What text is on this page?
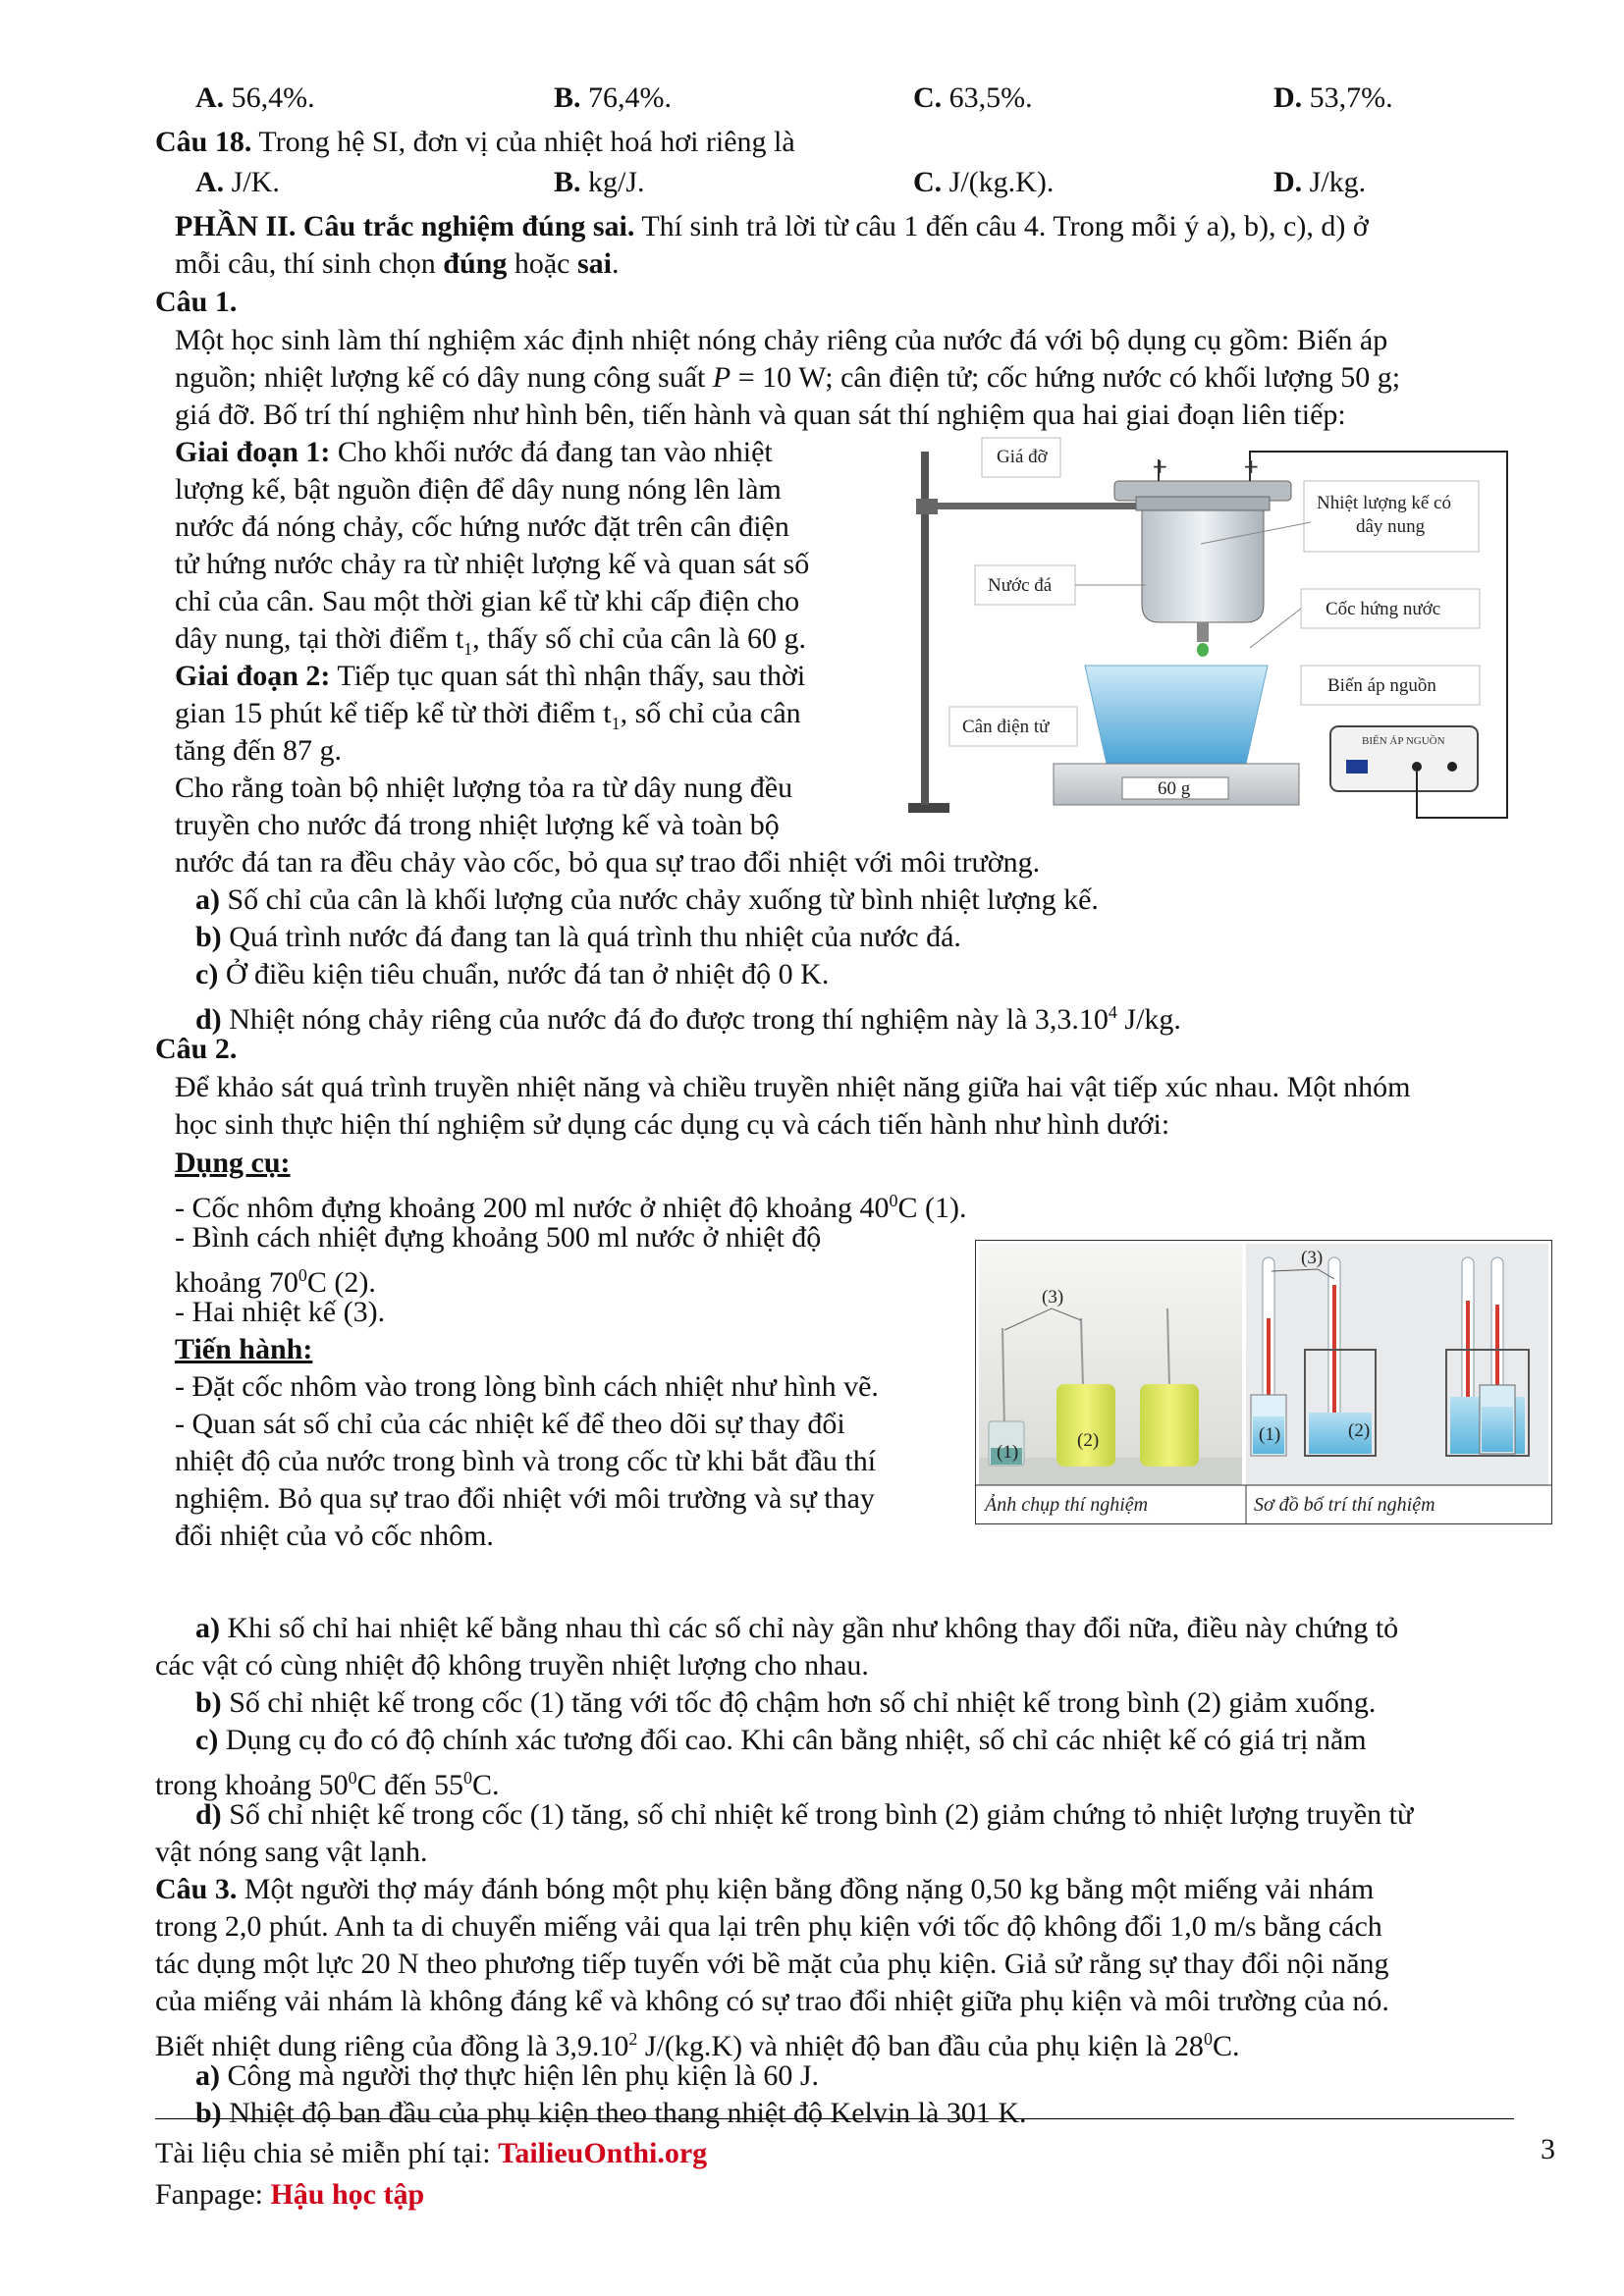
A. 56,4%.	B. 76,4%.	C. 63,5%.	D. 53,7%.
Câu 18. Trong hệ SI, đơn vị của nhiệt hoá hơi riêng là
A. J/K.	B. kg/J.	C. J/(kg.K).	D. J/kg.
PHẦN II. Câu trắc nghiệm đúng sai. Thí sinh trả lời từ câu 1 đến câu 4. Trong mỗi ý a), b), c), d) ở
mỗi câu, thí sinh chọn đúng hoặc sai.
Câu 1.
Một học sinh làm thí nghiệm xác định nhiệt nóng chảy riêng của nước đá với bộ dụng cụ gồm: Biến áp
nguồn; nhiệt lượng kế có dây nung công suất P = 10 W; cân điện tử; cốc hứng nước có khối lượng 50 g;
giá đỡ. Bố trí thí nghiệm như hình bên, tiến hành và quan sát thí nghiệm qua hai giai đoạn liên tiếp:
Giai đoạn 1: Cho khối nước đá đang tan vào nhiệt
lượng kế, bật nguồn điện để dây nung nóng lên làm
nước đá nóng chảy, cốc hứng nước đặt trên cân điện
tử hứng nước chảy ra từ nhiệt lượng kế và quan sát số
chỉ của cân. Sau một thời gian kể từ khi cấp điện cho
dây nung, tại thời điểm $t_1$, thấy số chỉ của cân là 60 g.
Giai đoạn 2: Tiếp tục quan sát thì nhận thấy, sau thời
gian 15 phút kể tiếp kể từ thời điểm $t_1$, số chỉ của cân
tăng đến 87 g.
Cho rằng toàn bộ nhiệt lượng tỏa ra từ dây nung đều
truyền cho nước đá trong nhiệt lượng kế và toàn bộ
nước đá tan ra đều chảy vào cốc, bỏ qua sự trao đổi nhiệt với môi trường.
a) Số chỉ của cân là khối lượng của nước chảy xuống từ bình nhiệt lượng kế.
b) Quá trình nước đá đang tan là quá trình thu nhiệt của nước đá.
c) Ở điều kiện tiêu chuẩn, nước đá tan ở nhiệt độ 0 K.
d) Nhiệt nóng chảy riêng của nước đá đo được trong thí nghiệm này là 3,3.10$^4$ J/kg.
Giá đỡ
Nhiệt lượng kế có
dây nung
Nước đá
Cốc hứng nước
Biến áp nguồn
Cân điện tử
+	+
60 g
BIẾN ÁP NGUỒN
Câu 2.
Để khảo sát quá trình truyền nhiệt năng và chiều truyền nhiệt năng giữa hai vật tiếp xúc nhau. Một nhóm
học sinh thực hiện thí nghiệm sử dụng các dụng cụ và cách tiến hành như hình dưới:
Dụng cụ:
- Cốc nhôm đựng khoảng 200 ml nước ở nhiệt độ khoảng $40^0C$ (1).
- Bình cách nhiệt đựng khoảng 500 ml nước ở nhiệt độ
khoảng $70^0C$ (2).
- Hai nhiệt kế (3).
Tiến hành:
- Đặt cốc nhôm vào trong lòng bình cách nhiệt như hình vẽ.
- Quan sát số chỉ của các nhiệt kế để theo dõi sự thay đổi
nhiệt độ của nước trong bình và trong cốc từ khi bắt đầu thí
nghiệm. Bỏ qua sự trao đổi nhiệt với môi trường và sự thay
đổi nhiệt của vỏ cốc nhôm.
(3)
(1)
(2)	(1)
(3)
(2)
Ảnh chụp thí nghiệm	Sơ đồ bố trí thí nghiệm
a) Khi số chỉ hai nhiệt kế bằng nhau thì các số chỉ này gần như không thay đổi nữa, điều này chứng tỏ
các vật có cùng nhiệt độ không truyền nhiệt lượng cho nhau.
b) Số chỉ nhiệt kế trong cốc (1) tăng với tốc độ chậm hơn số chỉ nhiệt kế trong bình (2) giảm xuống.
c) Dụng cụ đo có độ chính xác tương đối cao. Khi cân bằng nhiệt, số chỉ các nhiệt kế có giá trị nằm
trong khoảng $50^0C$ đến $55^0C$.
d) Số chỉ nhiệt kế trong cốc (1) tăng, số chỉ nhiệt kế trong bình (2) giảm chứng tỏ nhiệt lượng truyền từ
vật nóng sang vật lạnh.
Câu 3. Một người thợ máy đánh bóng một phụ kiện bằng đồng nặng 0,50 kg bằng một miếng vải nhám
trong 2,0 phút. Anh ta di chuyển miếng vải qua lại trên phụ kiện với tốc độ không đổi 1,0 m/s bằng cách
tác dụng một lực 20 N theo phương tiếp tuyến với bề mặt của phụ kiện. Giả sử rằng sự thay đổi nội năng
của miếng vải nhám là không đáng kể và không có sự trao đổi nhiệt giữa phụ kiện và môi trường của nó.
Biết nhiệt dung riêng của đồng là 3,9.10$^2$ J/(kg.K) và nhiệt độ ban đầu của phụ kiện là $28^0C$.
a) Công mà người thợ thực hiện lên phụ kiện là 60 J.
b) Nhiệt độ ban đầu của phụ kiện theo thang nhiệt độ Kelvin là 301 K.
Tài liệu chia sẻ miễn phí tại: TailieuOnthi.org
Fanpage: Hậu học tập
3
